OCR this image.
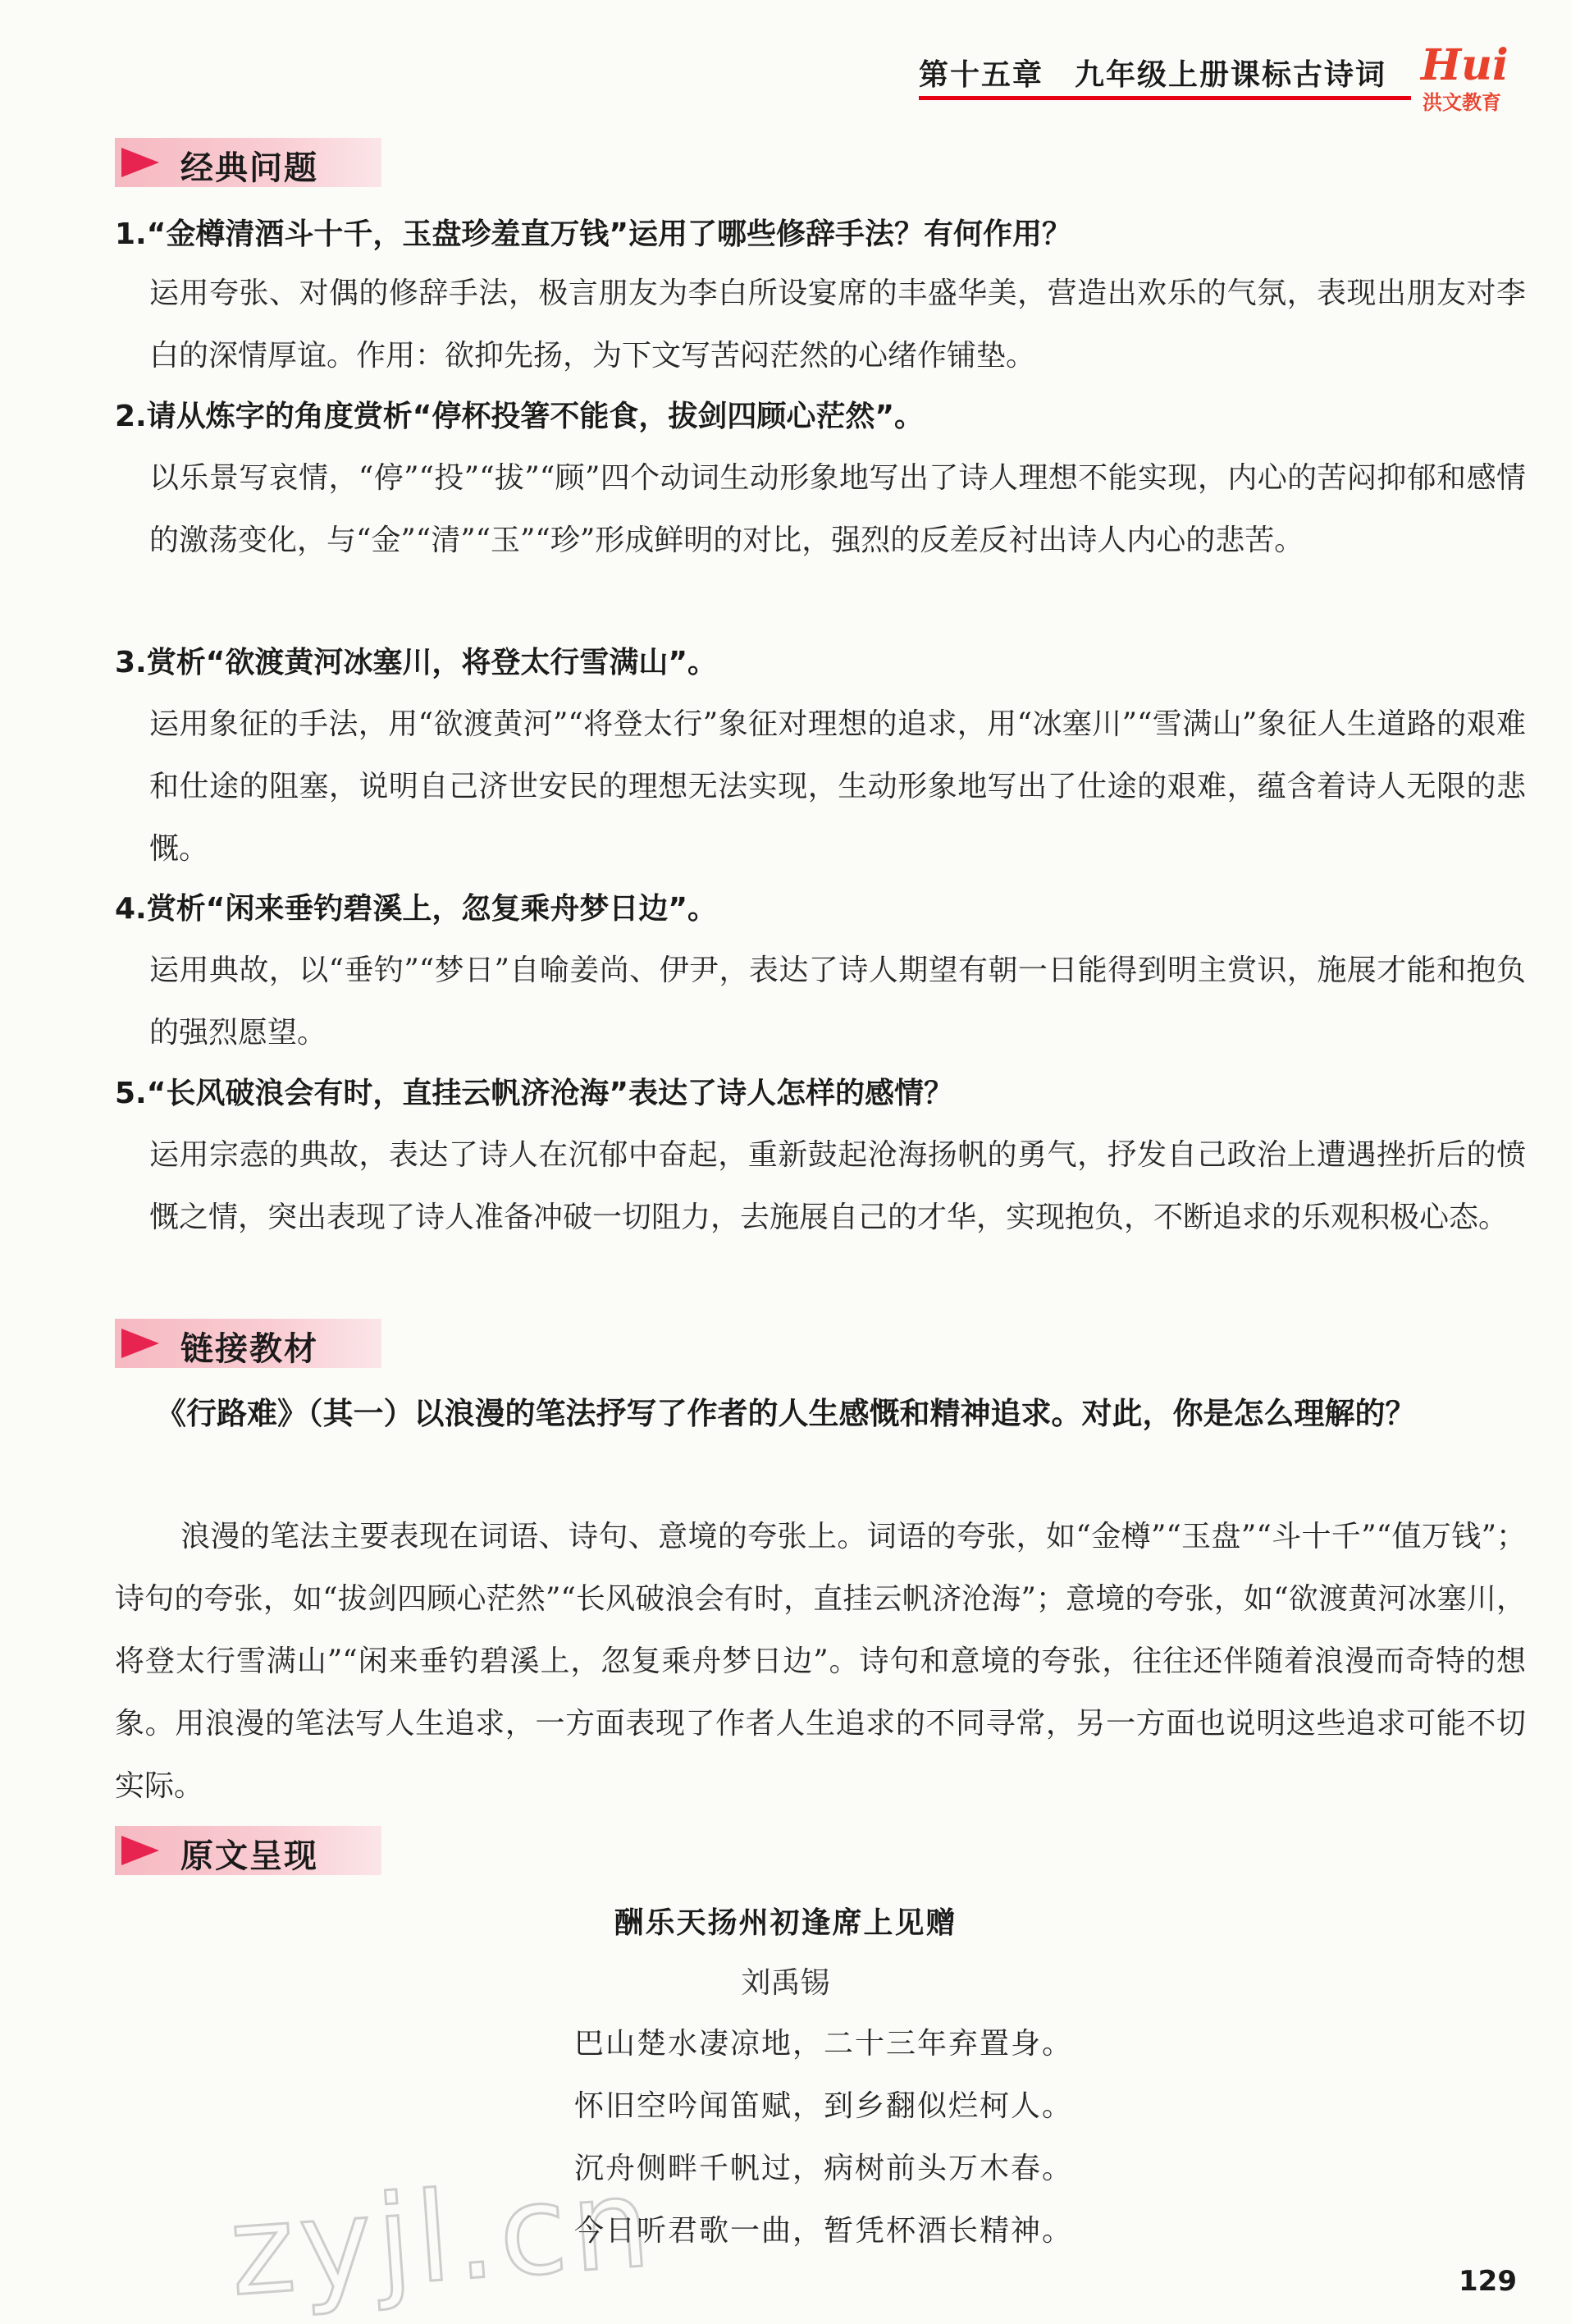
第十五章　九年级上册课标古诗词 Hui
洪文教育
经典问题
1.“金樽清酒斗十千，玉盘珍羞直万钱”运用了哪些修辞手法？有何作用？
运用夸张、对偶的修辞手法，极言朋友为李白所设宴席的丰盛华美，营造出欢乐的气氛，表现出朋友对李白的深情厚谊。作用：欲抑先扬，为下文写苦闷茫然的心绪作铺垫。
2.请从炼字的角度赏析“停杯投箸不能食，拔剑四顾心茫然”。
以乐景写哀情，“停”“投”“拔”“顾”四个动词生动形象地写出了诗人理想不能实现，内心的苦闷抑郁和感情的激荡变化，与“金”“清”“玉”“珍”形成鲜明的对比，强烈的反差反衬出诗人内心的悲苦。
3.赏析“欲渡黄河冰塞川，将登太行雪满山”。
运用象征的手法，用“欲渡黄河”“将登太行”象征对理想的追求，用“冰塞川”“雪满山”象征人生道路的艰难和仕途的阻塞，说明自己济世安民的理想无法实现，生动形象地写出了仕途的艰难，蕴含着诗人无限的悲慨。
4.赏析“闲来垂钓碧溪上，忽复乘舟梦日边”。
运用典故，以“垂钓”“梦日”自喻姜尚、伊尹，表达了诗人期望有朝一日能得到明主赏识，施展才能和抱负的强烈愿望。
5.“长风破浪会有时，直挂云帆济沧海”表达了诗人怎样的感情？
运用宗悫的典故，表达了诗人在沉郁中奋起，重新鼓起沧海扬帆的勇气，抒发自己政治上遭遇挫折后的愤慨之情，突出表现了诗人准备冲破一切阻力，去施展自己的才华，实现抱负，不断追求的乐观积极心态。
链接教材
《行路难》（其一）以浪漫的笔法抒写了作者的人生感慨和精神追求。对此，你是怎么理解的？
浪漫的笔法主要表现在词语、诗句、意境的夸张上。词语的夸张，如“金樽”“玉盘”“斗十千”“值万钱”；诗句的夸张，如“拔剑四顾心茫然”“长风破浪会有时，直挂云帆济沧海”；意境的夸张，如“欲渡黄河冰塞川，将登太行雪满山”“闲来垂钓碧溪上，忽复乘舟梦日边”。诗句和意境的夸张，往往还伴随着浪漫而奇特的想象。用浪漫的笔法写人生追求，一方面表现了作者人生追求的不同寻常，另一方面也说明这些追求可能不切实际。
原文呈现
酬乐天扬州初逢席上见赠
刘禹锡
巴山楚水凄凉地，二十三年弃置身。
怀旧空吟闻笛赋，到乡翻似烂柯人。
沉舟侧畔千帆过，病树前头万木春。
今日听君歌一曲，暂凭杯酒长精神。
zyjl.cn	129
